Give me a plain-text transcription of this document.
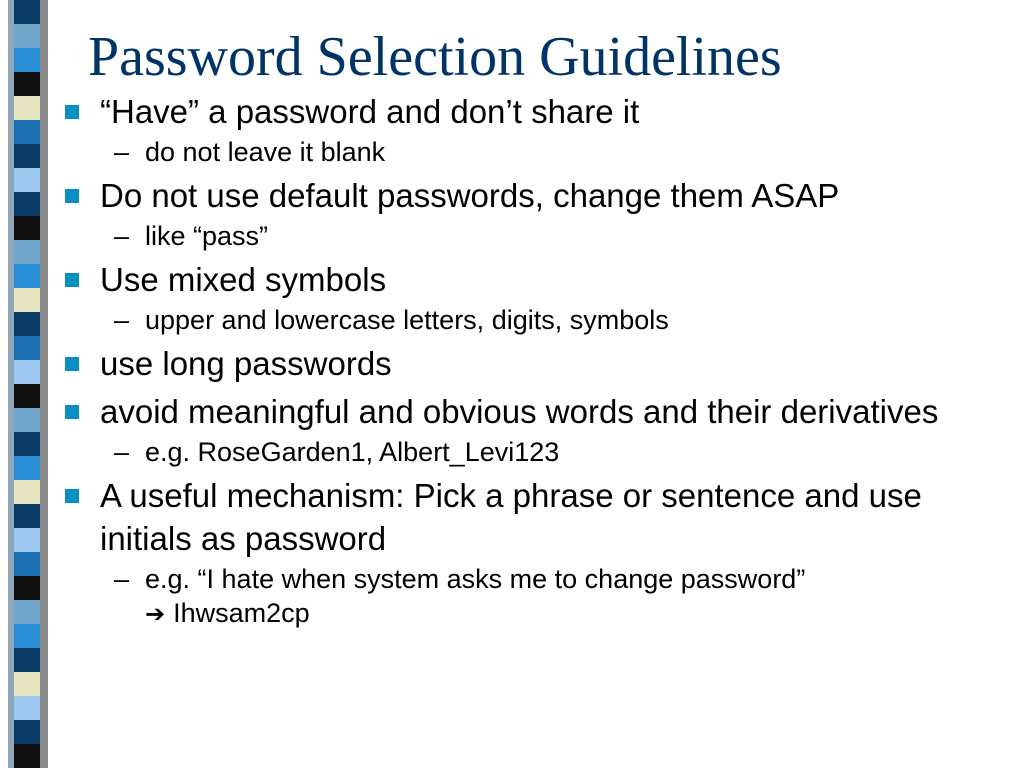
Password Selection Guidelines
“Have” a password and don’t share it
– do not leave it blank
Do not use default passwords, change them ASAP
– like “pass”
Use mixed symbols
– upper and lowercase letters, digits, symbols
use long passwords
avoid meaningful and obvious words and their derivatives
– e.g. RoseGarden1, Albert_Levi123
A useful mechanism: Pick a phrase or sentence and use initials as password
– e.g. “I hate when system asks me to change password”
➔ Ihwsam2cp
